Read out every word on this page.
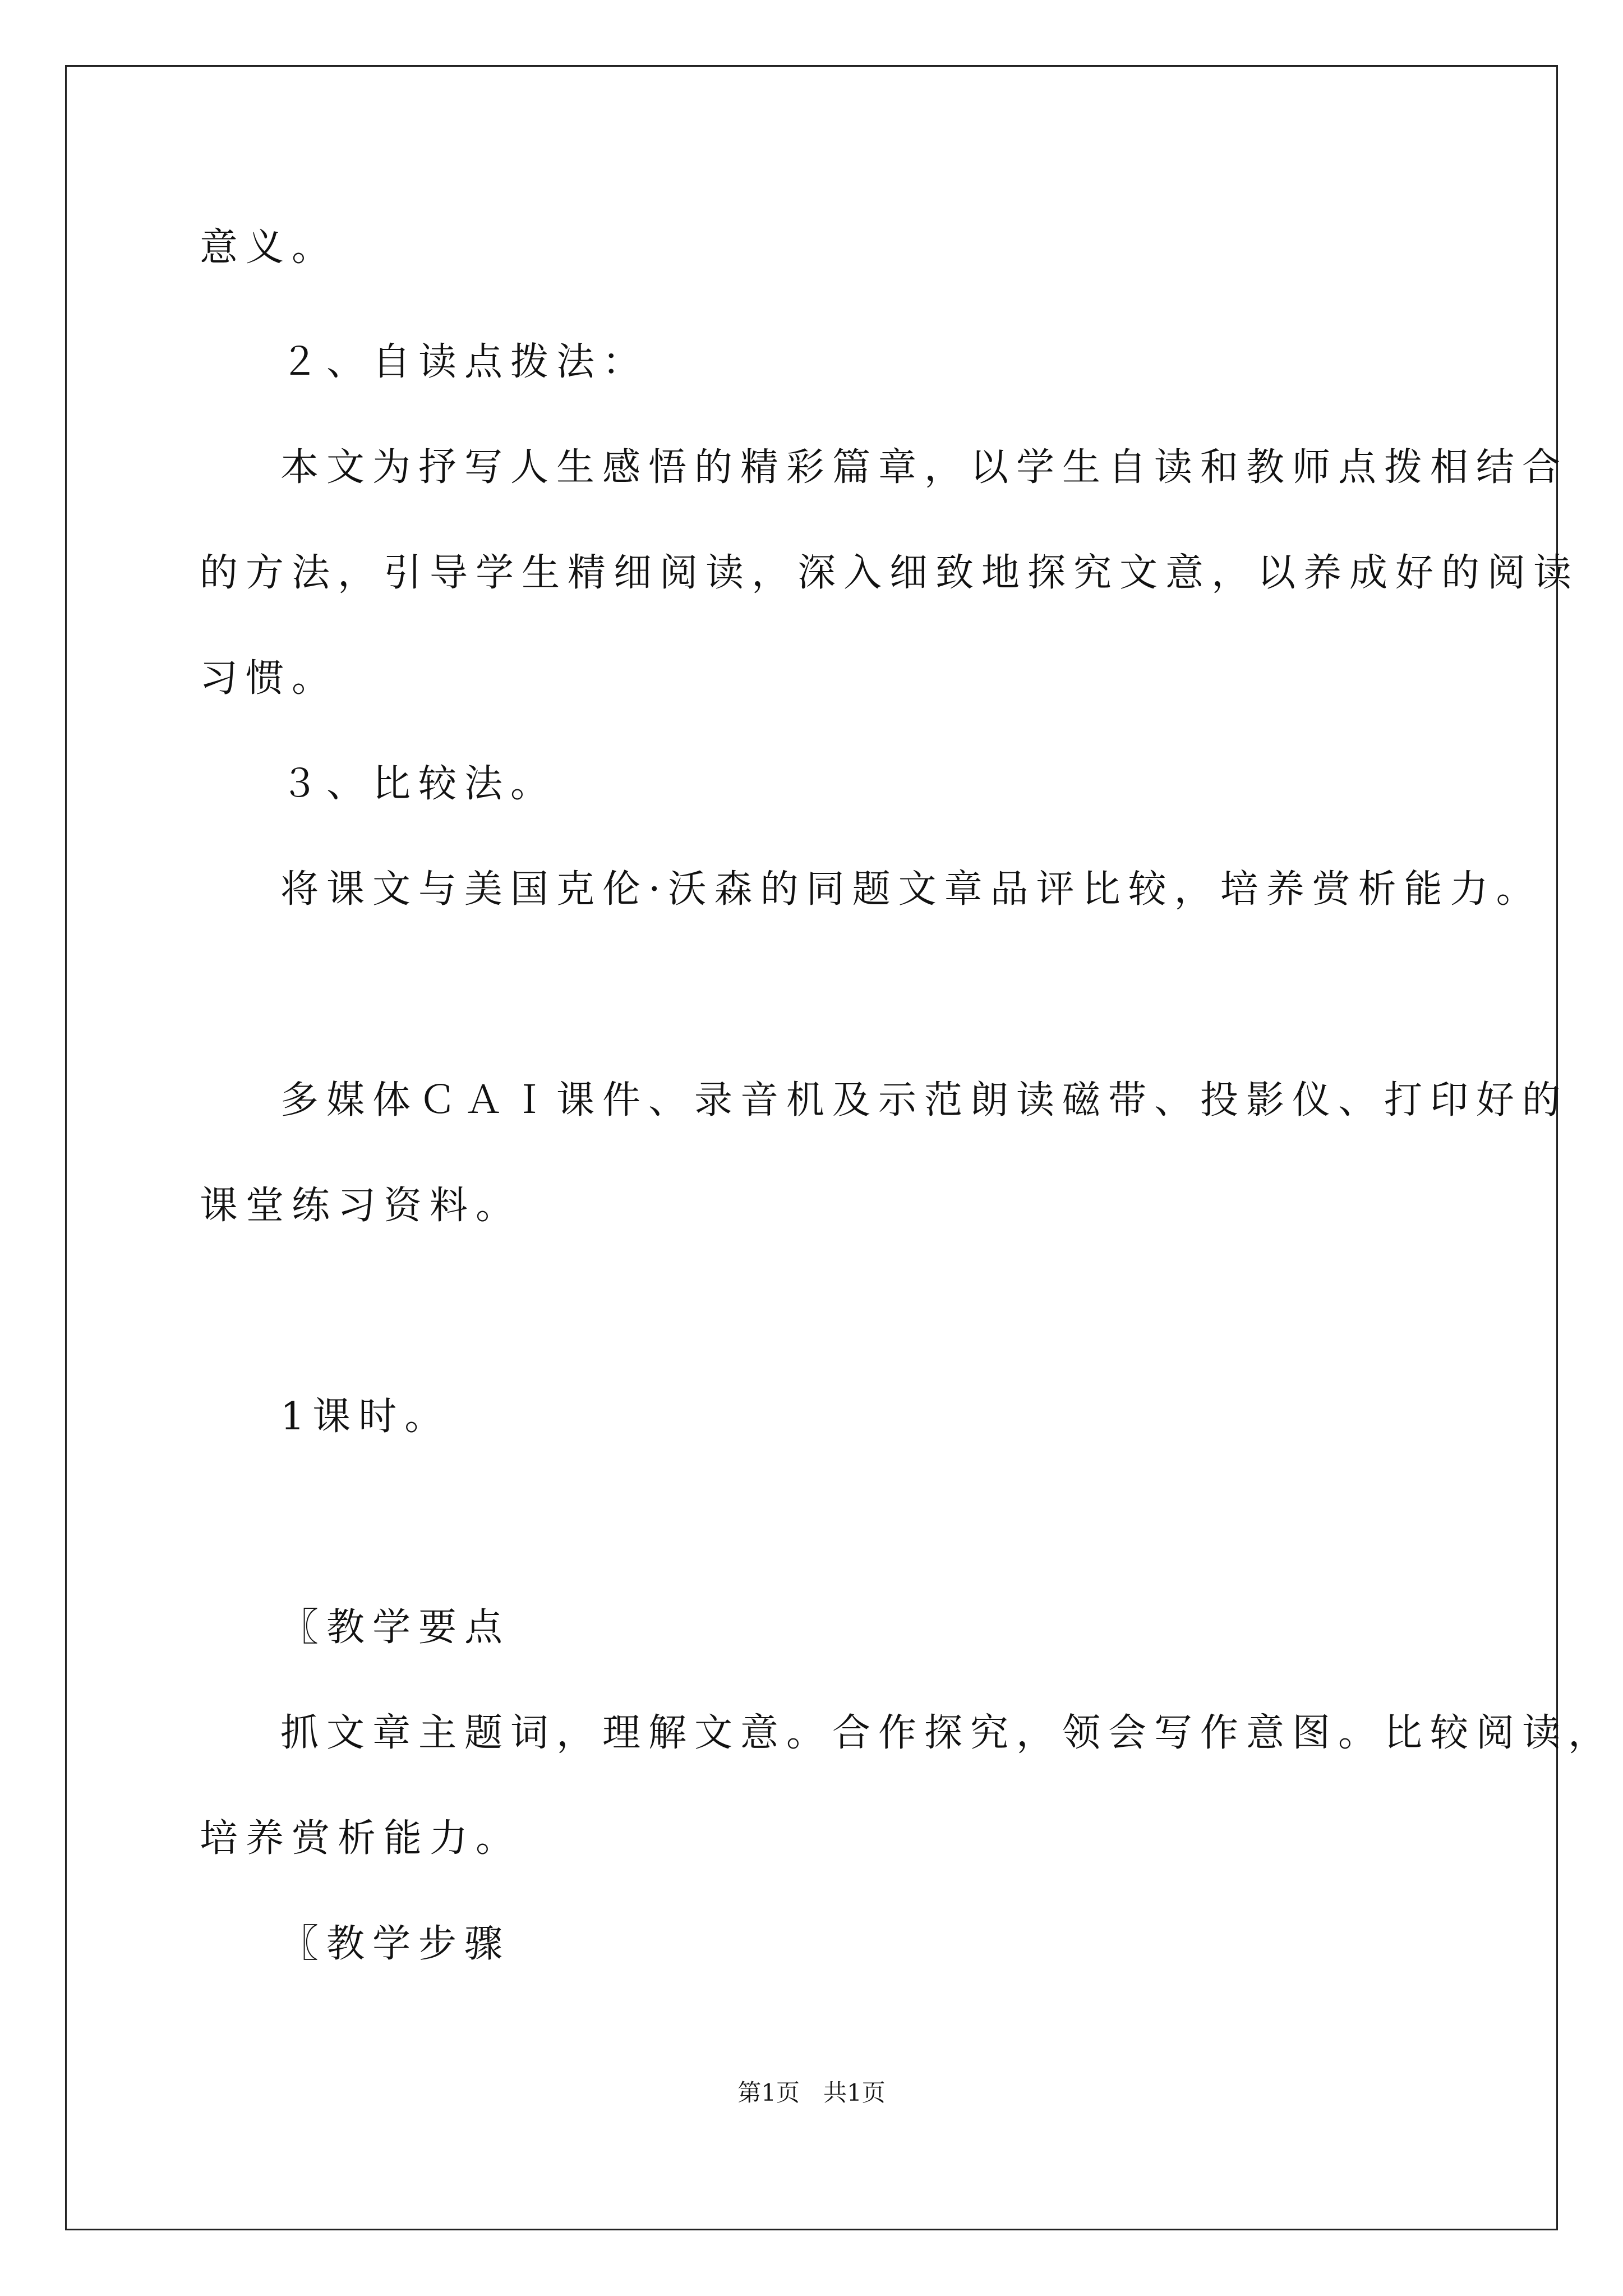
意义。
２、自读点拨法：
本文为抒写人生感悟的精彩篇章，以学生自读和教师点拨相结合
的方法，引导学生精细阅读，深入细致地探究文意，以养成好的阅读
习惯。
３、比较法。
将课文与美国克伦·沃森的同题文章品评比较，培养赏析能力。
多媒体ＣＡＩ课件、录音机及示范朗读磁带、投影仪、打印好的
课堂练习资料。
1课时。
〖教学要点
抓文章主题词，理解文意。合作探究，领会写作意图。比较阅读，
培养赏析能力。
〖教学步骤
第1页　共1页
